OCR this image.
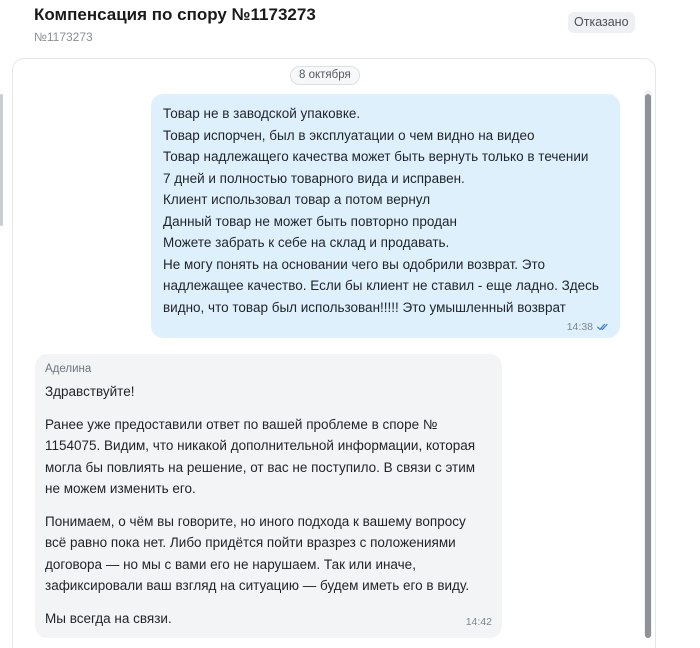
Компенсация по спору №1173273
№1173273
Отказано
8 октября
Товар не в заводской упаковке.
Товар испорчен, был в эксплуатации о чем видно на видео
Товар надлежащего качества может быть вернуть только в течении
7 дней и полностью товарного вида и исправен.
Клиент использовал товар а потом вернул
Данный товар не может быть повторно продан
Можете забрать к себе на склад и продавать.
Не могу понять на основании чего вы одобрили возврат. Это
надлежащее качество. Если бы клиент не ставил - еще ладно. Здесь
видно, что товар был использован!!!!! Это умышленный возврат
14:38
Аделина

Здравствуйте!

Ранее уже предоставили ответ по вашей проблеме в споре №
1154075. Видим, что никакой дополнительной информации, которая
могла бы повлиять на решение, от вас не поступило. В связи с этим
не можем изменить его.

Понимаем, о чём вы говорите, но иного подхода к вашему вопросу
всё равно пока нет. Либо придётся пойти вразрез с положениями
договора — но мы с вами его не нарушаем. Так или иначе,
зафиксировали ваш взгляд на ситуацию — будем иметь его в виду.

Мы всегда на связи.	14:42
